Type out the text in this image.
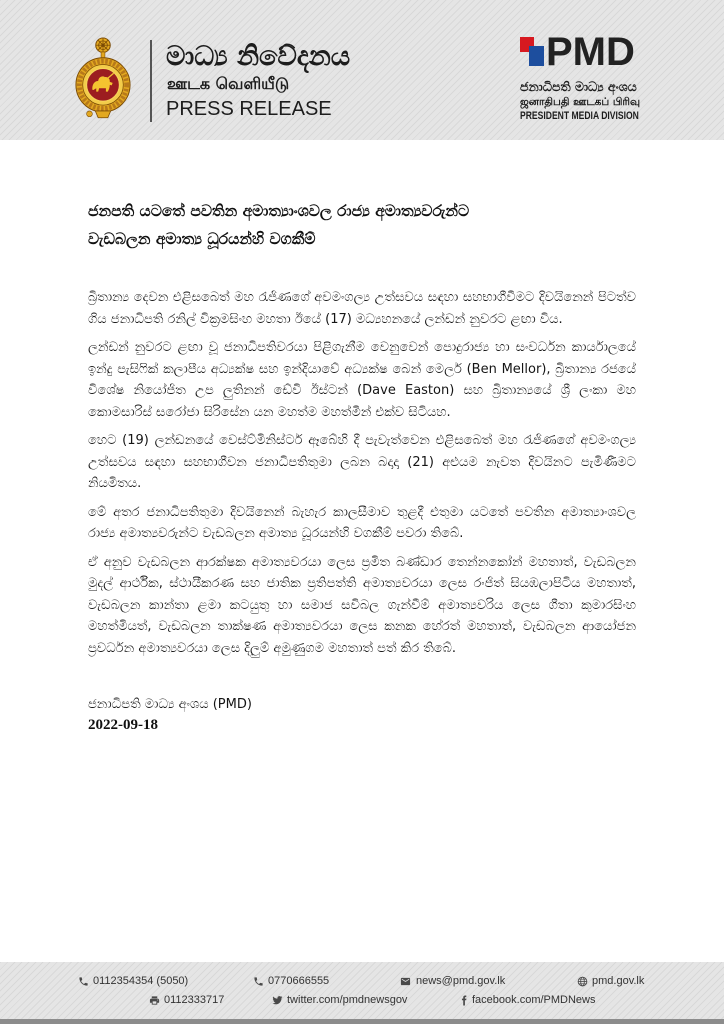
මාධ්‍ය නිවේදනය
ஊடக வெளியீடு
PRESS RELEASE
PMD
ජනාධිපති මාධ්‍ය අංශය
ஜனாதிபதி ஊடகப் பிரிவு
PRESIDENT MEDIA DIVISION
ජනපති යටතේ පවතින අමාත්‍යාංශවල රාජ්‍ය අමාත්‍යවරුන්ට
වැඩබලන අමාත්‍ය ධූරයන්හි වගකීම්

බ්‍රිතාන්‍ය දෙවන එළිසබෙත් මහ රැජිණගේ අවමංගල්‍ය උත්සවය සඳහා සහභාගීවීමට දිවයිනෙන් පිටත්ව ගිය ජනාධිපති රනිල් වික්‍රමසිංහ මහතා ඊයේ (17) මධ්‍යහනයේ ලන්ඩන් නුවරට ළඟා විය.

ලන්ඩන් නුවරට ළඟා වූ ජනාධිපතිවරයා පිළිගැනීම වෙනුවෙන් පොදුරාජ්‍ය හා සංවර්ධන කාර්යාලයේ ඉන්දු පැසිෆික් කලාපීය අධ්‍යක්ෂ සහ ඉන්දියාවේ අධ්‍යක්ෂ බෙන් මෙලර් (Ben Mellor), බ්‍රිතාන්‍ය රජයේ විශේෂ නියෝජිත උප ලුතිනන් ඩේවි ඊස්ටන් (Dave Easton) සහ බ්‍රිතාන්‍යයේ ශ්‍රී ලංකා මහ කොමසාරිස් සරෝජා සිරිසේන යන මහත්ම මහත්මීන් එක්ව සිටියහ.

හෙට (19) ලන්ඩනයේ වෙස්ට්මිනිස්ටර් ඈබේහි දී පැවැත්වෙන එළිසබෙත් මහ රැජිණගේ අවමංගල්‍ය උත්සවය සඳහා සහභාගීවන ජනාධිපතිතුමා ලබන බදාදා (21) අළුයම නැවත දිවයිනට පැමිණීමට නියමිතය.

මේ අතර ජනාධිපතිතුමා දිවයිනෙන් බැහැර කාලසීමාව තුළදී එතුමා යටතේ පවතින අමාත්‍යාංශවල රාජ්‍ය අමාත්‍යවරුන්ට වැඩබලන අමාත්‍ය ධූරයන්හි වගකීම් පවරා තිබේ.

ඒ අනුව වැඩබලන ආරක්ෂක අමාත්‍යවරයා ලෙස ප්‍රමිත බණ්ඩාර තෙන්නකෝන් මහතාත්, වැඩබලන මුදල් ආර්ථික, ස්ථායීකරණ සහ ජාතික ප්‍රතිපත්ති අමාත්‍යවරයා ලෙස රංජිත් සියඹලාපිටිය මහතාත්, වැඩබලන කාන්තා ළමා කටයුතු හා සමාජ සවිබල ගැන්වීම් අමාත්‍යවරිය ලෙස ගීතා කුමාරසිංහ මහත්මියත්, වැඩබලන තාක්ෂණ අමාත්‍යවරයා ලෙස කනක හේරත් මහතාත්, වැඩබලන ආයෝජන ප්‍රවර්ධන අමාත්‍යවරයා ලෙස දිලුම් අමුණුගම මහතාත් පත් කිර තිබේ.

ජනාධිපති මාධ්‍ය අංශය (PMD)
2022-09-18
0112354354 (5050)	0770666555	news@pmd.gov.lk	pmd.gov.lk
0112333717	twitter.com/pmdnewsgov	facebook.com/PMDNews
